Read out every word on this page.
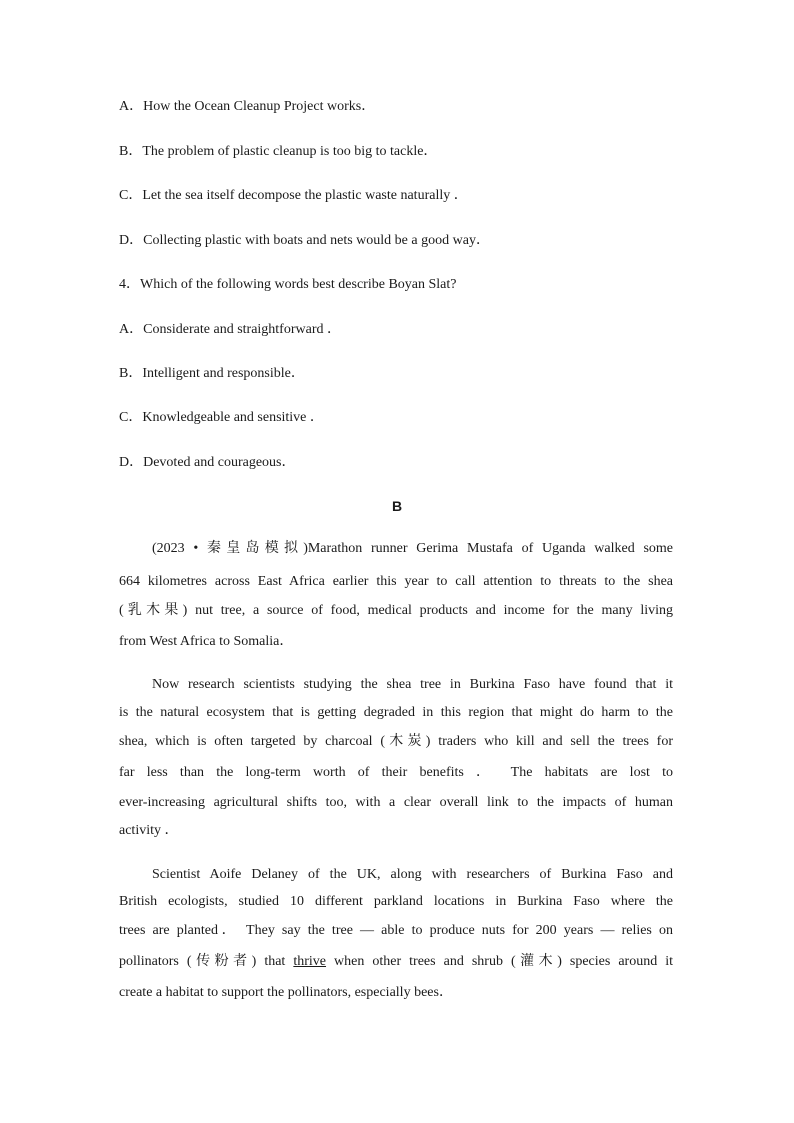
A．How the Ocean Cleanup Project works．
B．The problem of plastic cleanup is too big to tackle．
C．Let the sea itself decompose the plastic waste naturally ．
D．Collecting plastic with boats and nets would be a good way．
4．Which of the following words best describe Boyan Slat?
A．Considerate and straightforward ．
B．Intelligent and responsible．
C．Knowledgeable and sensitive ．
D．Devoted and courageous．
B
(2023 • 秦皇岛模拟)Marathon runner Gerima Mustafa of Uganda walked some
664 kilometres across East Africa earlier this year to call attention to threats to the shea
(乳木果) nut tree, a source of food, medical products and income for the many living
from West Africa to Somalia．
Now research scientists studying the shea tree in Burkina Faso have found that it
is the natural ecosystem that is getting degraded in this region that might do harm to the
shea, which is often targeted by charcoal (木炭) traders who kill and sell the trees for
far less than the long-term worth of their benefits ． The habitats are lost to
ever-increasing agricultural shifts too, with a clear overall link to the impacts of human
activity ．
Scientist Aoife Delaney of the UK, along with researchers of Burkina Faso and
British ecologists, studied 10 different parkland locations in Burkina Faso where the
trees are planted． They say the tree — able to produce nuts for 200 years — relies on
pollinators (传粉者) that thrive when other trees and shrub (灌木) species around it
create a habitat to support the pollinators, especially bees．
